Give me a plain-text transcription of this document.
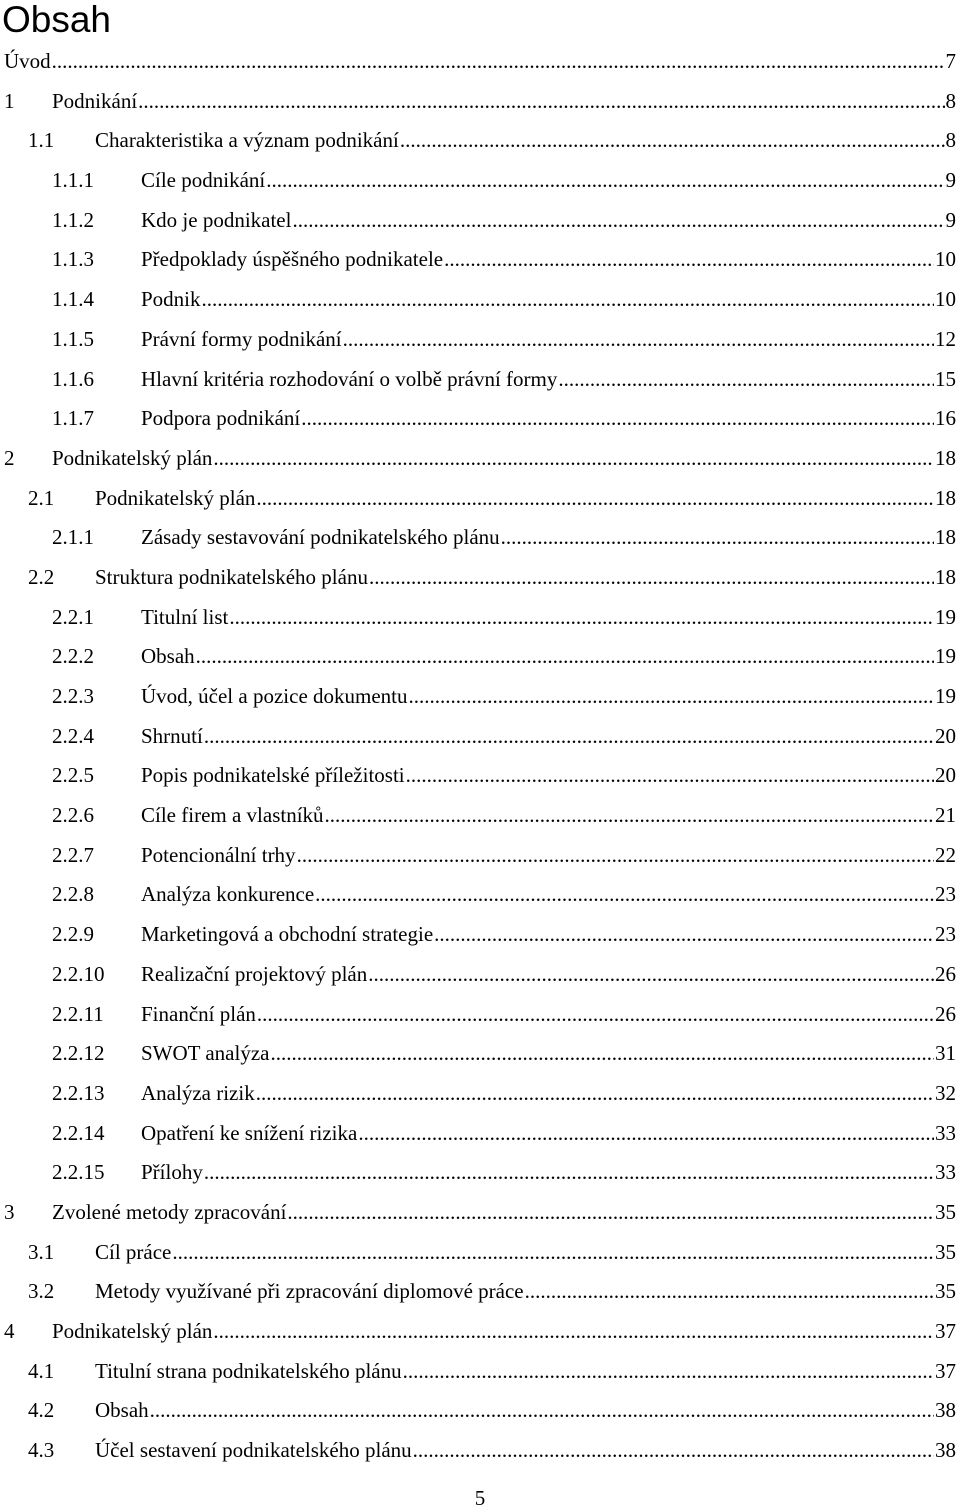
Obsah
Úvod .....	7
1 Podnikání .....	8
1.1 Charakteristika a význam podnikání .....	8
1.1.1 Cíle podnikání .....	9
1.1.2 Kdo je podnikatel .....	9
1.1.3 Předpoklady úspěšného podnikatele .....	10
1.1.4 Podnik .....	10
1.1.5 Právní formy podnikání .....	12
1.1.6 Hlavní kritéria rozhodování o volbě právní formy .....	15
1.1.7 Podpora podnikání .....	16
2 Podnikatelský plán .....	18
2.1 Podnikatelský plán .....	18
2.1.1 Zásady sestavování podnikatelského plánu .....	18
2.2 Struktura podnikatelského plánu .....	18
2.2.1 Titulní list .....	19
2.2.2 Obsah .....	19
2.2.3 Úvod, účel a pozice dokumentu .....	19
2.2.4 Shrnutí .....	20
2.2.5 Popis podnikatelské příležitosti .....	20
2.2.6 Cíle firem a vlastníků .....	21
2.2.7 Potencionální trhy .....	22
2.2.8 Analýza konkurence .....	23
2.2.9 Marketingová a obchodní strategie .....	23
2.2.10 Realizační projektový plán .....	26
2.2.11 Finanční plán .....	26
2.2.12 SWOT analýza .....	31
2.2.13 Analýza rizik .....	32
2.2.14 Opatření ke snížení rizika .....	33
2.2.15 Přílohy .....	33
3 Zvolené metody zpracování .....	35
3.1 Cíl práce .....	35
3.2 Metody využívané při zpracování diplomové práce .....	35
4 Podnikatelský plán .....	37
4.1 Titulní strana podnikatelského plánu .....	37
4.2 Obsah .....	38
4.3 Účel sestavení podnikatelského plánu .....	38
5
